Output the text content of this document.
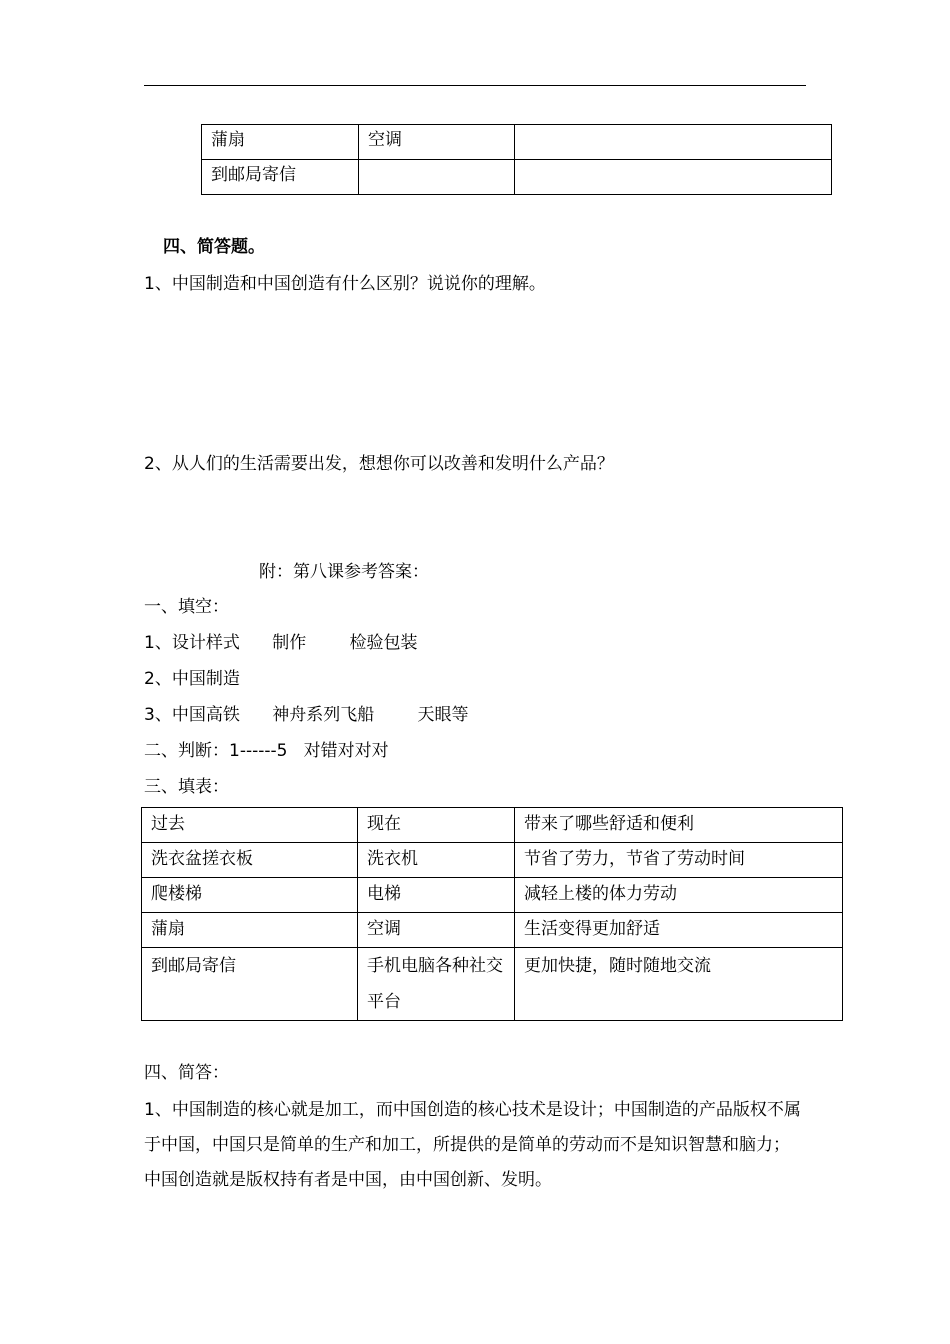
蒲扇	空调	
到邮局寄信		
四、简答题。
1、中国制造和中国创造有什么区别？说说你的理解。
2、从人们的生活需要出发，想想你可以改善和发明什么产品？
附：第八课参考答案：
一、填空：
1、设计样式      制作        检验包装
2、中国制造
3、中国高铁      神舟系列飞船        天眼等
二、判断：1------5   对错对对对
三、填表：
过去	现在	带来了哪些舒适和便利
洗衣盆搓衣板	洗衣机	节省了劳力，节省了劳动时间
爬楼梯	电梯	减轻上楼的体力劳动
蒲扇	空调	生活变得更加舒适
到邮局寄信	手机电脑各种社交平台	更加快捷，随时随地交流
四、简答：
1、中国制造的核心就是加工，而中国创造的核心技术是设计；中国制造的产品版权不属于中国，中国只是简单的生产和加工，所提供的是简单的劳动而不是知识智慧和脑力；中国创造就是版权持有者是中国，由中国创新、发明。
